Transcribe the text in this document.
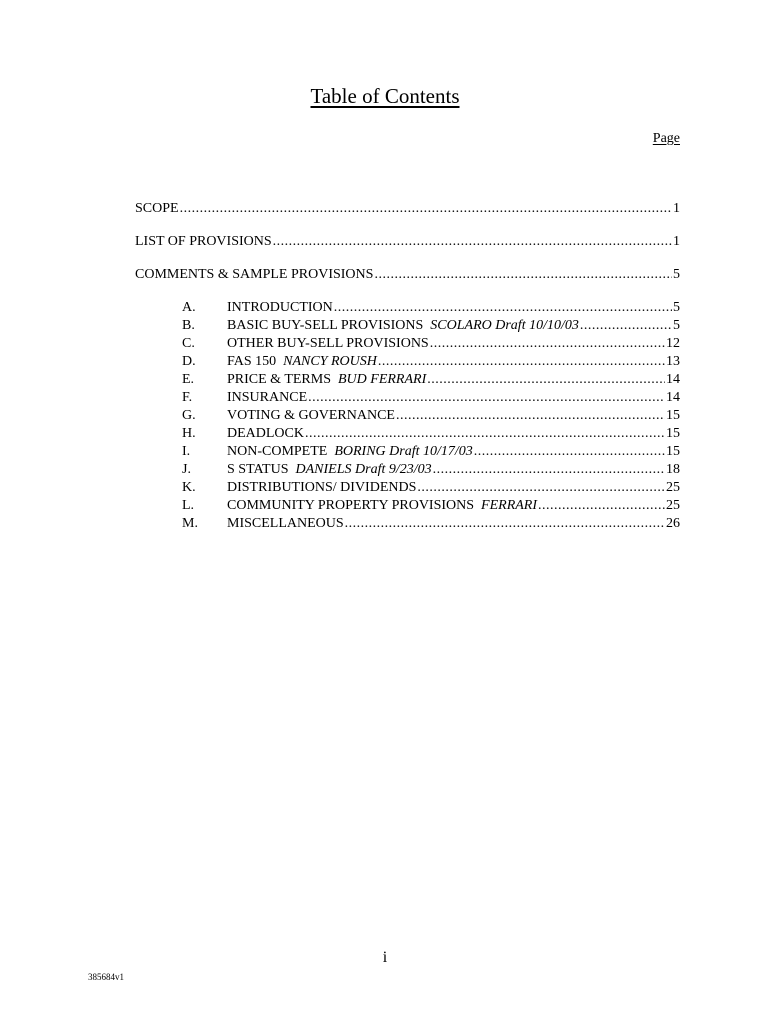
Table of Contents
Page
SCOPE .....	1
LIST OF PROVISIONS .....	1
COMMENTS & SAMPLE PROVISIONS .....	5
A. INTRODUCTION .....	5
B. BASIC BUY-SELL PROVISIONS SCOLARO Draft 10/10/03 .....	5
C. OTHER BUY-SELL PROVISIONS .....	12
D. FAS 150 NANCY ROUSH .....	13
E. PRICE & TERMS BUD FERRARI .....	14
F. INSURANCE .....	14
G. VOTING & GOVERNANCE .....	15
H. DEADLOCK .....	15
I.	NON-COMPETE BORING Draft 10/17/03 .....	15
J.	S STATUS DANIELS Draft 9/23/03 .....	18
K. DISTRIBUTIONS/ DIVIDENDS .....	25
L. COMMUNITY PROPERTY PROVISIONS FERRARI .....	25
M. MISCELLANEOUS .....	26
i
385684v1
